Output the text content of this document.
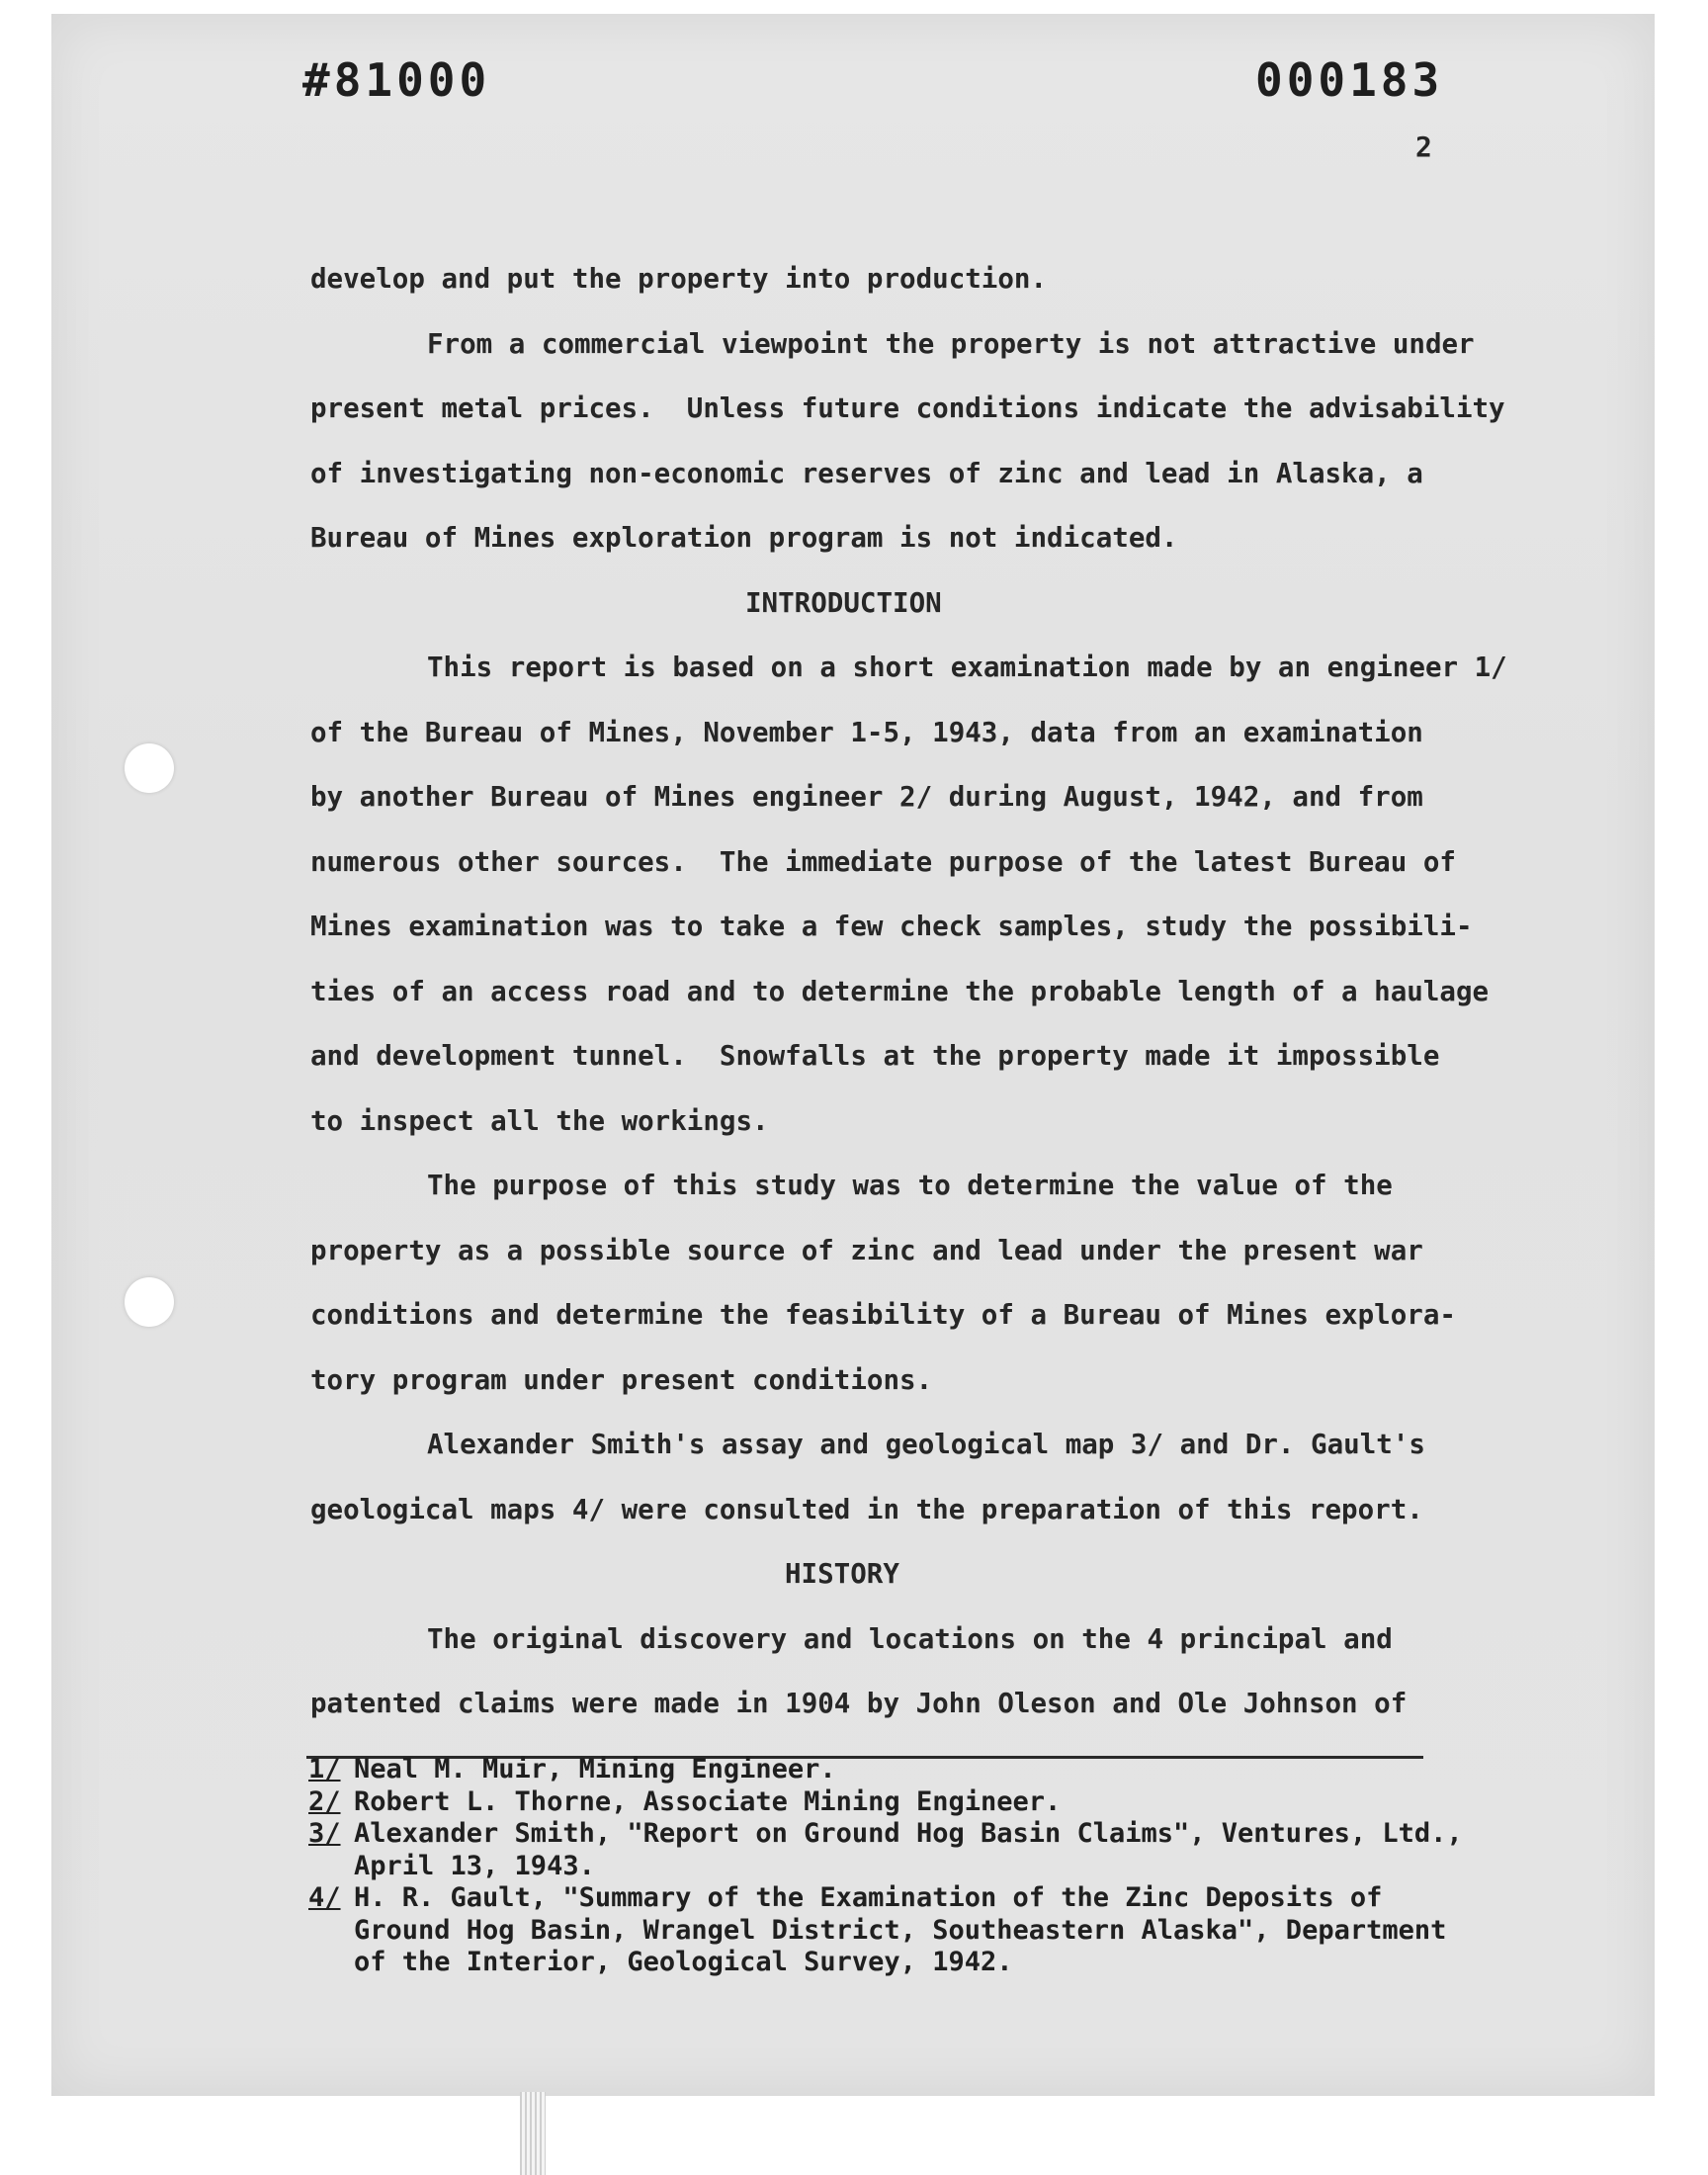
#81000	000183
2
develop and put the property into production.
From a commercial viewpoint the property is not attractive under
present metal prices.  Unless future conditions indicate the advisability
of investigating non-economic reserves of zinc and lead in Alaska, a
Bureau of Mines exploration program is not indicated.
INTRODUCTION
This report is based on a short examination made by an engineer 1/
of the Bureau of Mines, November 1-5, 1943, data from an examination
by another Bureau of Mines engineer 2/ during August, 1942, and from
numerous other sources.  The immediate purpose of the latest Bureau of
Mines examination was to take a few check samples, study the possibili-
ties of an access road and to determine the probable length of a haulage
and development tunnel.  Snowfalls at the property made it impossible
to inspect all the workings.
The purpose of this study was to determine the value of the
property as a possible source of zinc and lead under the present war
conditions and determine the feasibility of a Bureau of Mines explora-
tory program under present conditions.
Alexander Smith's assay and geological map 3/ and Dr. Gault's
geological maps 4/ were consulted in the preparation of this report.
HISTORY
The original discovery and locations on the 4 principal and
patented claims were made in 1904 by John Oleson and Ole Johnson of
1/ Neal M. Muir, Mining Engineer.
2/ Robert L. Thorne, Associate Mining Engineer.
3/ Alexander Smith, "Report on Ground Hog Basin Claims", Ventures, Ltd.,
April 13, 1943.
4/ H. R. Gault, "Summary of the Examination of the Zinc Deposits of
Ground Hog Basin, Wrangel District, Southeastern Alaska", Department
of the Interior, Geological Survey, 1942.
